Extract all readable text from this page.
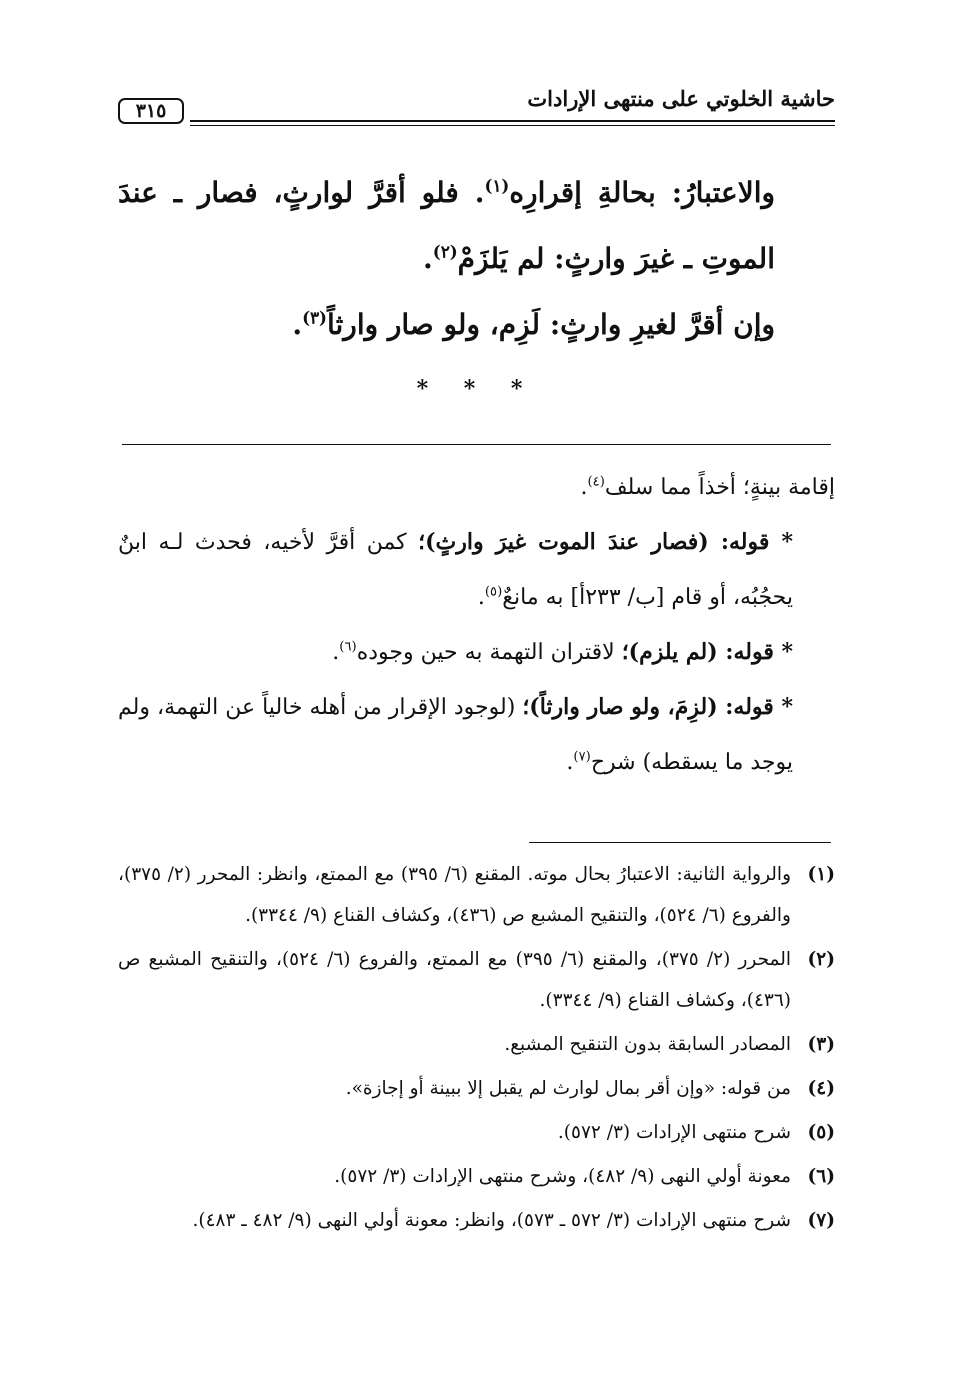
حاشية الخلوتي على منتهى الإرادات
٣١٥

والاعتبارُ: بحالةِ إقرارِه$^{(١)}$. فلو أقرَّ لوارثٍ، فصار ـ عندَ الموتِ ـ غيرَ وارثٍ: لم يَلزَمْ$^{(٢)}$.

وإن أقرَّ لغيرِ وارثٍ: لَزِم، ولو صار وارثاً$^{(٣)}$.

* * *

إقامة بينةٍ؛ أخذاً مما سلف$^{(٤)}$.

* قوله: (فصار عندَ الموت غيرَ وارثٍ)؛ كمن أقرَّ لأخيه، فحدث لـه ابنٌ يحجُبُه، أو قام [ب/ ٢٣٣أ] به مانعٌ$^{(٥)}$.

* قوله: (لم يلزم)؛ لاقتران التهمة به حين وجوده$^{(٦)}$.

* قوله: (لزِمَ، ولو صار وارثاً)؛ (لوجود الإقرار من أهله خالياً عن التهمة، ولم يوجد ما يسقطه) شرح$^{(٧)}$.

(١)
والرواية الثانية: الاعتبارُ بحال موته. المقنع (٦/ ٣٩٥) مع الممتع، وانظر: المحرر (٢/ ٣٧٥)، والفروع (٦/ ٥٢٤)، والتنقيح المشبع ص (٤٣٦)، وكشاف القناع (٩/ ٣٣٤٤).
(٢)
المحرر (٢/ ٣٧٥)، والمقنع (٦/ ٣٩٥) مع الممتع، والفروع (٦/ ٥٢٤)، والتنقيح المشبع ص (٤٣٦)، وكشاف القناع (٩/ ٣٣٤٤).
(٣)
المصادر السابقة بدون التنقيح المشبع.
(٤)
من قوله: «وإن أقر بمال لوارث لم يقبل إلا ببينة أو إجازة».
(٥)
شرح منتهى الإرادات (٣/ ٥٧٢).
(٦)
معونة أولي النهى (٩/ ٤٨٢)، وشرح منتهى الإرادات (٣/ ٥٧٢).
(٧)
شرح منتهى الإرادات (٣/ ٥٧٢ ـ ٥٧٣)، وانظر: معونة أولي النهى (٩/ ٤٨٢ ـ ٤٨٣).
